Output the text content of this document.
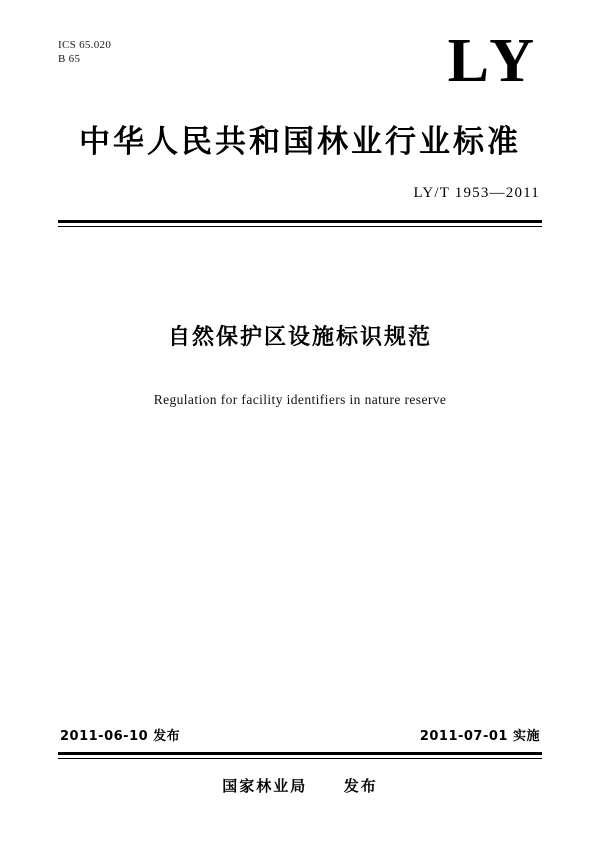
ICS 65.020
B 65	LY
中华人民共和国林业行业标准
LY/T 1953—2011
自然保护区设施标识规范
Regulation for facility identifiers in nature reserve
2011-06-10 发布	2011-07-01 实施
国家林业局 发布
